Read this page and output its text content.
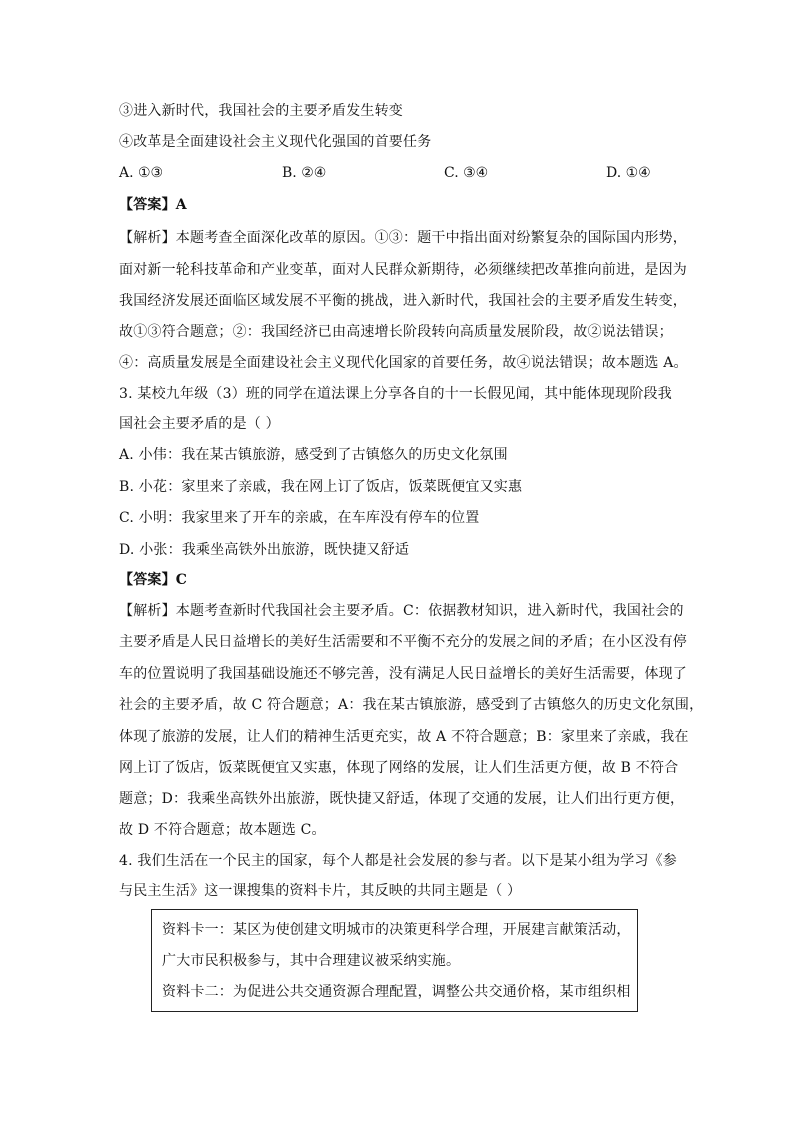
③进入新时代，我国社会的主要矛盾发生转变
④改革是全面建设社会主义现代化强国的首要任务
A. ①③	B. ②④	C. ③④	D. ①④
【答案】A
【解析】本题考查全面深化改革的原因。①③：题干中指出面对纷繁复杂的国际国内形势，
面对新一轮科技革命和产业变革，面对人民群众新期待，必须继续把改革推向前进，是因为
我国经济发展还面临区域发展不平衡的挑战，进入新时代，我国社会的主要矛盾发生转变，
故①③符合题意；②：我国经济已由高速增长阶段转向高质量发展阶段，故②说法错误；
④：高质量发展是全面建设社会主义现代化国家的首要任务，故④说法错误；故本题选 A。
3. 某校九年级（3）班的同学在道法课上分享各自的十一长假见闻，其中能体现现阶段我
国社会主要矛盾的是（ ）
A. 小伟：我在某古镇旅游，感受到了古镇悠久的历史文化氛围
B. 小花：家里来了亲戚，我在网上订了饭店，饭菜既便宜又实惠
C. 小明：我家里来了开车的亲戚，在车库没有停车的位置
D. 小张：我乘坐高铁外出旅游，既快捷又舒适
【答案】C
【解析】本题考查新时代我国社会主要矛盾。C：依据教材知识，进入新时代，我国社会的
主要矛盾是人民日益增长的美好生活需要和不平衡不充分的发展之间的矛盾；在小区没有停
车的位置说明了我国基础设施还不够完善，没有满足人民日益增长的美好生活需要，体现了
社会的主要矛盾，故 C 符合题意；A：我在某古镇旅游，感受到了古镇悠久的历史文化氛围，
体现了旅游的发展，让人们的精神生活更充实，故 A 不符合题意；B：家里来了亲戚，我在
网上订了饭店，饭菜既便宜又实惠，体现了网络的发展，让人们生活更方便，故 B 不符合
题意；D：我乘坐高铁外出旅游，既快捷又舒适，体现了交通的发展，让人们出行更方便，
故 D 不符合题意；故本题选 C。
4. 我们生活在一个民主的国家，每个人都是社会发展的参与者。以下是某小组为学习《参
与民主生活》这一课搜集的资料卡片，其反映的共同主题是（ ）
资料卡一：某区为使创建文明城市的决策更科学合理，开展建言献策活动，
广大市民积极参与，其中合理建议被采纳实施。
资料卡二：为促进公共交通资源合理配置，调整公共交通价格，某市组织相
